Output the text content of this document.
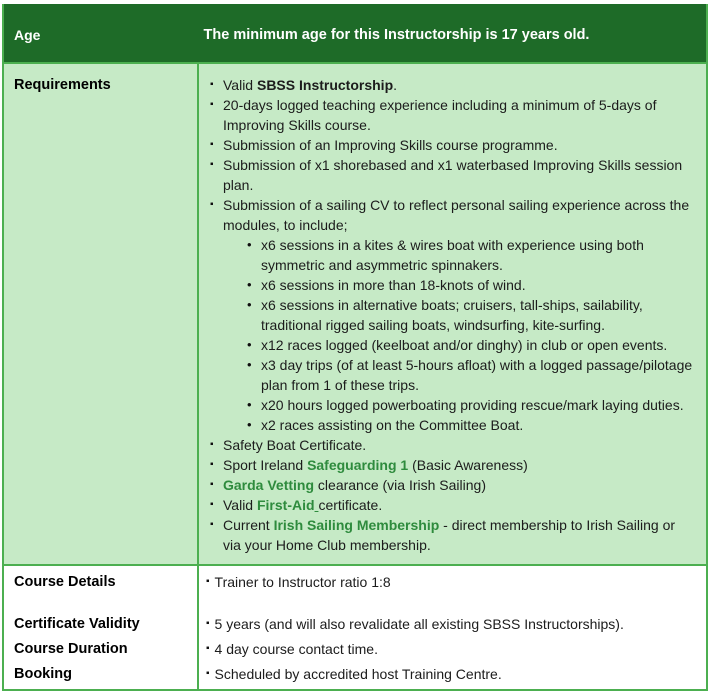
Age	The minimum age for this Instructorship is 17 years old.
Requirements	▪ Valid SBSS Instructorship.
▪ 20-days logged teaching experience including a minimum of 5-days of Improving Skills course.
▪ Submission of an Improving Skills course programme.
▪ Submission of x1 shorebased and x1 waterbased Improving Skills session plan.
▪ Submission of a sailing CV to reflect personal sailing experience across the modules, to include;
• x6 sessions in a kites & wires boat with experience using both symmetric and asymmetric spinnakers.
• x6 sessions in more than 18-knots of wind.
• x6 sessions in alternative boats; cruisers, tall-ships, sailability, traditional rigged sailing boats, windsurfing, kite-surfing.
• x12 races logged (keelboat and/or dinghy) in club or open events.
• x3 day trips (of at least 5-hours afloat) with a logged passage/pilotage plan from 1 of these trips.
• x20 hours logged powerboating providing rescue/mark laying duties.
• x2 races assisting on the Committee Boat.
▪ Safety Boat Certificate.
▪ Sport Ireland Safeguarding 1 (Basic Awareness)
▪ Garda Vetting clearance (via Irish Sailing)
▪ Valid First-Aid certificate.
▪ Current Irish Sailing Membership - direct membership to Irish Sailing or via your Home Club membership.
Course Details
Certificate Validity
Course Duration
Booking
▪ Trainer to Instructor ratio 1:8
▪ 5 years (and will also revalidate all existing SBSS Instructorships).
▪ 4 day course contact time.
▪ Scheduled by accredited host Training Centre.
